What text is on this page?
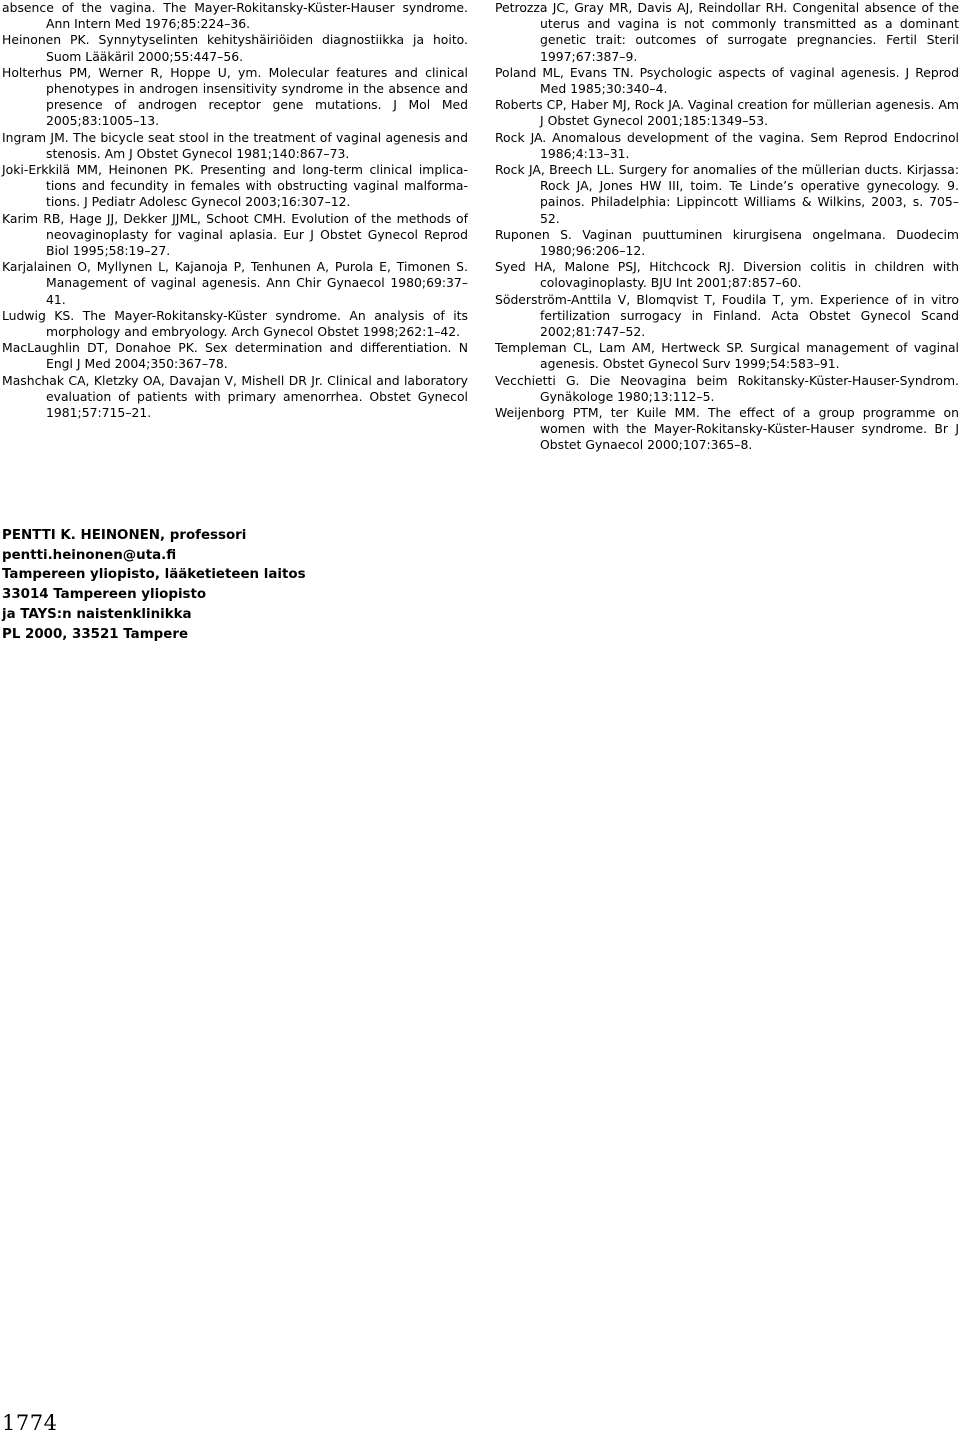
absence of the vagina. The Mayer-Rokitansky-Küster-Hauser syndrome. Ann Intern Med 1976;85:224–36.

Heinonen PK. Synnytyselinten kehityshäiriöiden diagnostiikka ja hoito. Suom Lääkäril 2000;55:447–56.

Holterhus PM, Werner R, Hoppe U, ym. Molecular features and clinical phenotypes in androgen insensitivity syndrome in the absence and presence of androgen receptor gene mutations. J Mol Med 2005;83:1005–13.

Ingram JM. The bicycle seat stool in the treatment of vaginal agenesis and stenosis. Am J Obstet Gynecol 1981;140:867–73.

Joki-Erkkilä MM, Heinonen PK. Presenting and long-term clinical implications and fecundity in females with obstructing vaginal malformations. J Pediatr Adolesc Gynecol 2003;16:307–12.

Karim RB, Hage JJ, Dekker JJML, Schoot CMH. Evolution of the methods of neovaginoplasty for vaginal aplasia. Eur J Obstet Gynecol Reprod Biol 1995;58:19–27.

Karjalainen O, Myllynen L, Kajanoja P, Tenhunen A, Purola E, Timonen S. Management of vaginal agenesis. Ann Chir Gynaecol 1980;69:37–41.

Ludwig KS. The Mayer-Rokitansky-Küster syndrome. An analysis of its morphology and embryology. Arch Gynecol Obstet 1998;262:1–42.

MacLaughlin DT, Donahoe PK. Sex determination and differentiation. N Engl J Med 2004;350:367–78.

Mashchak CA, Kletzky OA, Davajan V, Mishell DR Jr. Clinical and laboratory evaluation of patients with primary amenorrhea. Obstet Gynecol 1981;57:715–21.

Petrozza JC, Gray MR, Davis AJ, Reindollar RH. Congenital absence of the uterus and vagina is not commonly transmitted as a dominant genetic trait: outcomes of surrogate pregnancies. Fertil Steril 1997;67:387–9.

Poland ML, Evans TN. Psychologic aspects of vaginal agenesis. J Reprod Med 1985;30:340–4.

Roberts CP, Haber MJ, Rock JA. Vaginal creation for müllerian agenesis. Am J Obstet Gynecol 2001;185:1349–53.

Rock JA. Anomalous development of the vagina. Sem Reprod Endocrinol 1986;4:13–31.

Rock JA, Breech LL. Surgery for anomalies of the müllerian ducts. Kirjassa: Rock JA, Jones HW III, toim. Te Linde’s operative gynecology. 9. painos. Philadelphia: Lippincott Williams & Wilkins, 2003, s. 705–52.

Ruponen S. Vaginan puuttuminen kirurgisena ongelmana. Duodecim 1980;96:206–12.

Syed HA, Malone PSJ, Hitchcock RJ. Diversion colitis in children with colovaginoplasty. BJU Int 2001;87:857–60.

Söderström-Anttila V, Blomqvist T, Foudila T, ym. Experience of in vitro fertilization surrogacy in Finland. Acta Obstet Gynecol Scand 2002;81:747–52.

Templeman CL, Lam AM, Hertweck SP. Surgical management of vaginal agenesis. Obstet Gynecol Surv 1999;54:583–91.

Vecchietti G. Die Neovagina beim Rokitansky-Küster-Hauser-Syndrom. Gynäkologe 1980;13:112–5.

Weijenborg PTM, ter Kuile MM. The effect of a group programme on women with the Mayer-Rokitansky-Küster-Hauser syndrome. Br J Obstet Gynaecol 2000;107:365–8.

PENTTI K. HEINONEN, professori
pentti.heinonen@uta.fi
Tampereen yliopisto, lääketieteen laitos
33014 Tampereen yliopisto
ja TAYS:n naistenklinikka
PL 2000, 33521 Tampere
1774
